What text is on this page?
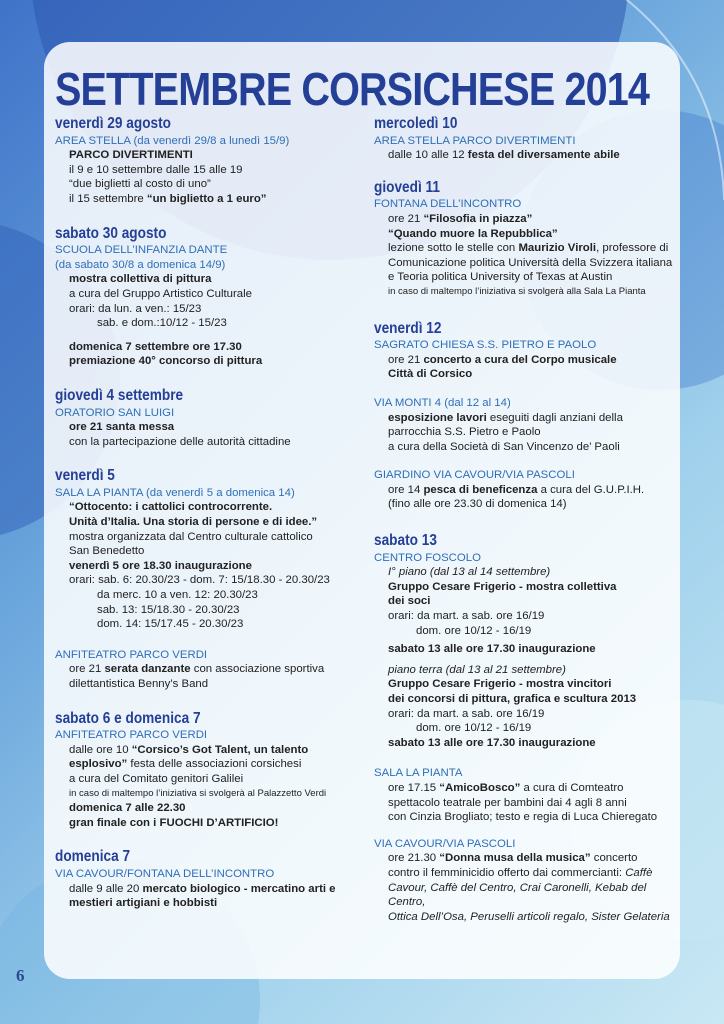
SETTEMBRE CORSICHESE 2014
venerdì 29 agosto

AREA STELLA (da venerdì 29/8 a lunedì 15/9)

PARCO DIVERTIMENTI

il 9 e 10 settembre dalle 15 alle 19

“due biglietti al costo di uno”

il 15 settembre “un biglietto a 1 euro”

sabato 30 agosto

SCUOLA DELL’INFANZIA DANTE

(da sabato 30/8 a domenica 14/9)

mostra collettiva di pittura

a cura del Gruppo Artistico Culturale

orari: da lun. a ven.: 15/23

sab. e dom.:10/12 - 15/23

domenica 7 settembre ore 17.30

premiazione 40° concorso di pittura

giovedì 4 settembre

ORATORIO SAN LUIGI

ore 21 santa messa

con la partecipazione delle autorità cittadine

venerdì 5

SALA LA PIANTA (da venerdì 5 a domenica 14)

“Ottocento: i cattolici controcorrente.

Unità d’Italia. Una storia di persone e di idee.”

mostra organizzata dal Centro culturale cattolico

San Benedetto

venerdì 5 ore 18.30 inaugurazione

orari: sab. 6: 20.30/23 - dom. 7: 15/18.30 - 20.30/23

da merc. 10 a ven. 12: 20.30/23

sab. 13: 15/18.30 - 20.30/23

dom. 14: 15/17.45 - 20.30/23

ANFITEATRO PARCO VERDI

ore 21 serata danzante con associazione sportiva

dilettantistica Benny’s Band

sabato 6 e domenica 7

ANFITEATRO PARCO VERDI

dalle ore 10 “Corsico’s Got Talent, un talento

esplosivo” festa delle associazioni corsichesi

a cura del Comitato genitori Galilei

in caso di maltempo l’iniziativa si svolgerà al Palazzetto Verdi

domenica 7 alle 22.30

gran finale con i FUOCHI D’ARTIFICIO!

domenica 7

VIA CAVOUR/FONTANA DELL’INCONTRO

dalle 9 alle 20 mercato biologico - mercatino arti e

mestieri artigiani e hobbisti

mercoledì 10

AREA STELLA PARCO DIVERTIMENTI

dalle 10 alle 12 festa del diversamente abile

giovedì 11

FONTANA DELL’INCONTRO

ore 21 “Filosofia in piazza”

“Quando muore la Repubblica”

lezione sotto le stelle con Maurizio Viroli, professore di

Comunicazione politica Università della Svizzera italiana

e Teoria politica University of Texas at Austin

in caso di maltempo l’iniziativa si svolgerà alla Sala La Pianta

venerdì 12

SAGRATO CHIESA S.S. PIETRO E PAOLO

ore 21 concerto a cura del Corpo musicale

Città di Corsico

VIA MONTI 4 (dal 12 al 14)

esposizione lavori eseguiti dagli anziani della

parrocchia S.S. Pietro e Paolo

a cura della Società di San Vincenzo de’ Paoli

GIARDINO VIA CAVOUR/VIA PASCOLI

ore 14 pesca di beneficenza a cura del G.U.P.I.H.

(fino alle ore 23.30 di domenica 14)

sabato 13

CENTRO FOSCOLO

I° piano (dal 13 al 14 settembre)

Gruppo Cesare Frigerio - mostra collettiva

dei soci

orari: da mart. a sab. ore 16/19

dom. ore 10/12 - 16/19

sabato 13 alle ore 17.30 inaugurazione

piano terra (dal 13 al 21 settembre)

Gruppo Cesare Frigerio - mostra vincitori

dei concorsi di pittura, grafica e scultura 2013

orari: da mart. a sab. ore 16/19

dom. ore 10/12 - 16/19

sabato 13 alle ore 17.30 inaugurazione

SALA LA PIANTA

ore 17.15 “AmicoBosco” a cura di Comteatro

spettacolo teatrale per bambini dai 4 agli 8 anni

con Cinzia Brogliato; testo e regia di Luca Chieregato

VIA CAVOUR/VIA PASCOLI

ore 21.30 “Donna musa della musica” concerto

contro il femminicidio offerto dai commercianti: Caffè

Cavour, Caffè del Centro, Crai Caronelli, Kebab del Centro,

Ottica Dell’Osa, Peruselli articoli regalo, Sister Gelateria

6
